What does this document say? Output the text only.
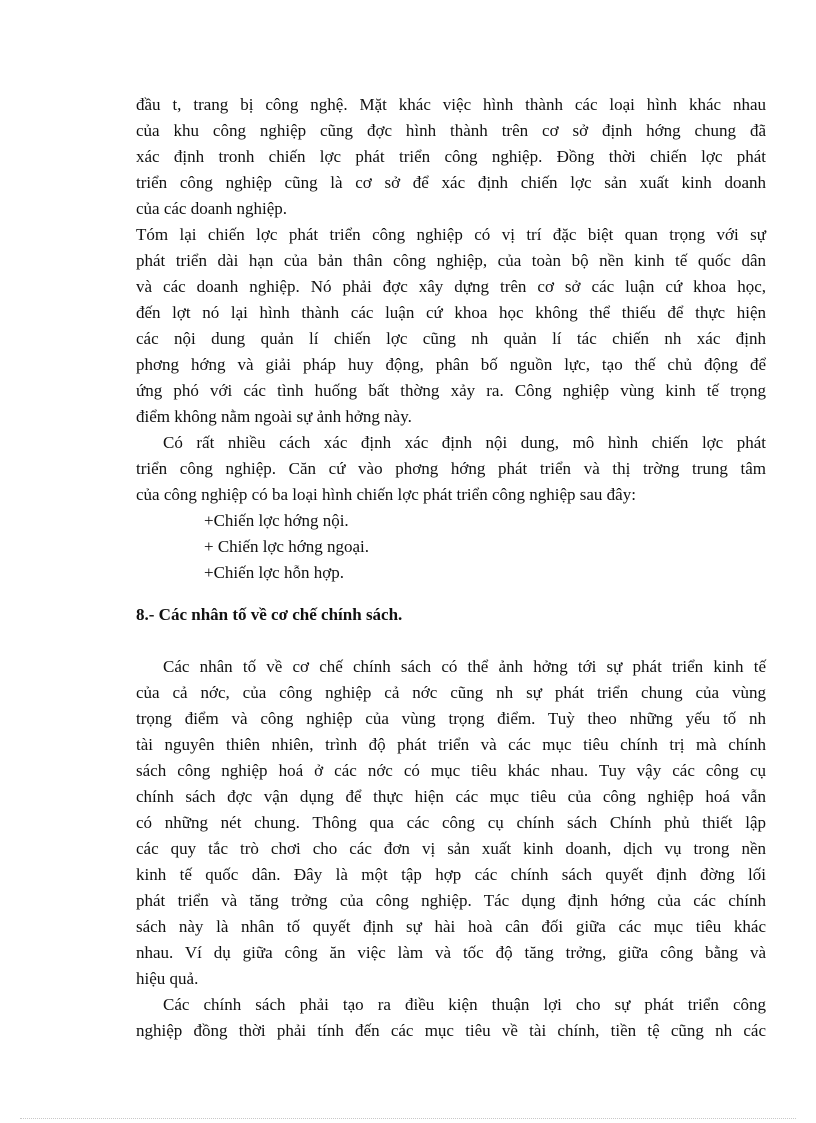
đầu t, trang bị công nghệ. Mặt khác việc hình thành các loại hình khác nhau
của khu công nghiệp cũng đợc hình thành trên cơ sở định hớng chung đã
xác định tronh chiến lợc phát triển công nghiệp. Đồng thời chiến lợc phát
triển công nghiệp cũng là cơ sở để xác định chiến lợc sản xuất kinh doanh
của các doanh nghiệp.
Tóm lại chiến lợc phát triển công nghiệp có vị trí đặc biệt quan trọng với sự
phát triển dài hạn của bản thân công nghiệp, của toàn bộ nền kinh tế quốc dân
và các doanh nghiệp. Nó phải đợc xây dựng trên cơ sở các luận cứ khoa học,
đến lợt nó lại hình thành các luận cứ khoa học không thể thiếu để thực hiện
các nội dung quản lí chiến lợc cũng nh quản lí tác chiến nh xác định
phơng hớng và giải pháp huy động, phân bố nguồn lực, tạo thế chủ động để
ứng phó với các tình huống bất thờng xảy ra. Công nghiệp vùng kinh tế trọng
điểm không nằm ngoài sự ảnh hởng này.
Có rất nhiều cách xác định xác định nội dung, mô hình chiến lợc phát
triển công nghiệp. Căn cứ vào phơng hớng phát triển và thị trờng trung tâm
của công nghiệp có ba loại hình chiến lợc phát triển công nghiệp sau đây:
+Chiến lợc hớng nội.
+ Chiến lợc hớng ngoại.
+Chiến lợc hỗn hợp.
8.- Các nhân tố về cơ chế chính sách.
Các nhân tố về cơ chế chính sách có thể ảnh hởng tới sự phát triển kinh tế
của cả nớc, của công nghiệp cả nớc cũng nh sự phát triển chung của vùng
trọng điểm và công nghiệp của vùng trọng điểm. Tuỳ theo những yếu tố nh
tài nguyên thiên nhiên, trình độ phát triển và các mục tiêu chính trị mà chính
sách công nghiệp hoá ở các nớc có mục tiêu khác nhau. Tuy vậy các công cụ
chính sách đợc vận dụng để thực hiện các mục tiêu của công nghiệp hoá vẫn
có những nét chung. Thông qua các công cụ chính sách Chính phủ thiết lập
các quy tắc trò chơi cho các đơn vị sản xuất kinh doanh, dịch vụ trong nền
kinh tế quốc dân. Đây là một tập hợp các chính sách quyết định đờng lối
phát triển và tăng trởng của công nghiệp. Tác dụng định hớng của các chính
sách này là nhân tố quyết định sự hài hoà cân đối giữa các mục tiêu khác
nhau. Ví dụ giữa công ăn việc làm và tốc độ tăng trởng, giữa công bằng và
hiệu quả.
Các chính sách phải tạo ra điều kiện thuận lợi cho sự phát triển công
nghiệp đồng thời phải tính đến các mục tiêu về tài chính, tiền tệ cũng nh các
